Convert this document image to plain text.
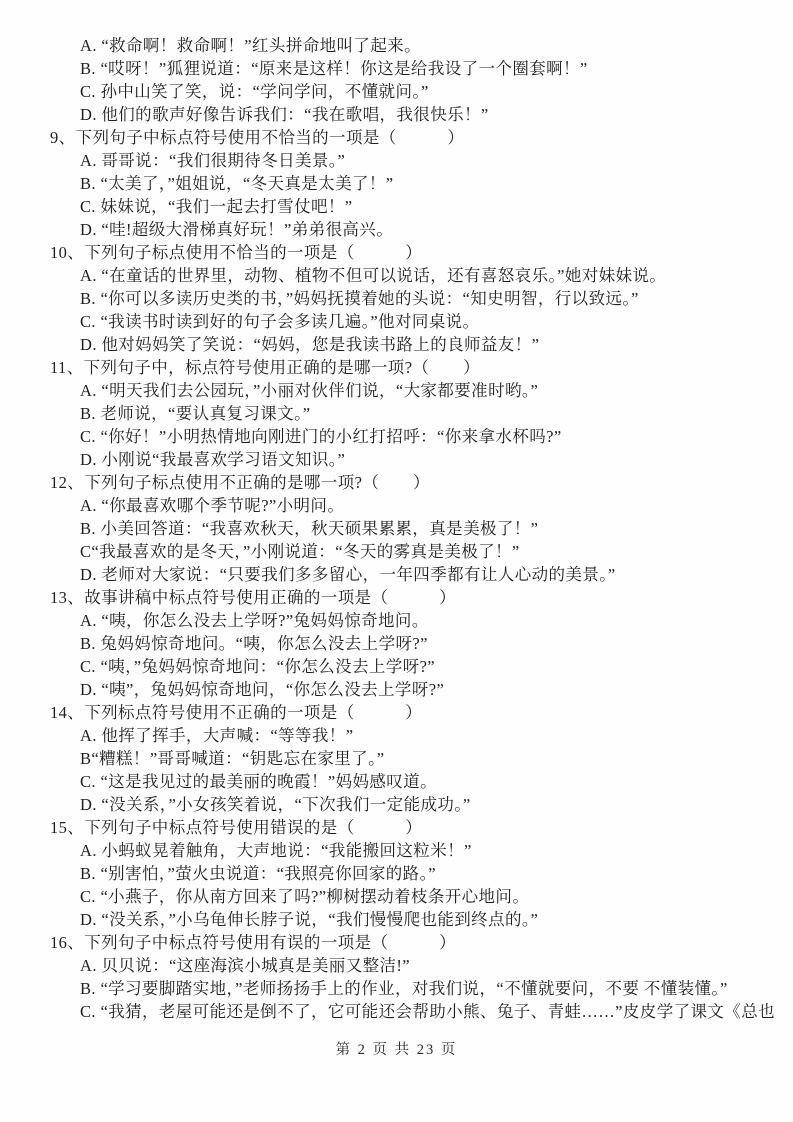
A. “救命啊！救命啊！”红头拼命地叫了起来。
B. “哎呀！”狐狸说道：“原来是这样！你这是给我设了一个圈套啊！”
C. 孙中山笑了笑，说：“学问学问，不懂就问。”
D. 他们的歌声好像告诉我们：“我在歌唱，我很快乐！”
9、下列句子中标点符号使用不恰当的一项是（　　　）
A. 哥哥说：“我们很期待冬日美景。”
B. “太美了，”姐姐说，“冬天真是太美了！”
C. 妹妹说，“我们一起去打雪仗吧！”
D. “哇!超级大滑梯真好玩！”弟弟很高兴。
10、下列句子标点使用不恰当的一项是（　　　）
A. “在童话的世界里，动物、植物不但可以说话，还有喜怒哀乐。”她对妹妹说。
B. “你可以多读历史类的书，”妈妈抚摸着她的头说：“知史明智，行以致远。”
C. “我读书时读到好的句子会多读几遍。”他对同桌说。
D. 他对妈妈笑了笑说：“妈妈，您是我读书路上的良师益友！”
11、下列句子中，标点符号使用正确的是哪一项?（　　）
A. “明天我们去公园玩，”小丽对伙伴们说，“大家都要准时哟。”
B. 老师说，“要认真复习课文。”
C. “你好！”小明热情地向刚进门的小红打招呼：“你来拿水杯吗?”
D. 小刚说“我最喜欢学习语文知识。”
12、下列句子标点使用不正确的是哪一项?（　　）
A. “你最喜欢哪个季节呢?”小明问。
B. 小美回答道：“我喜欢秋天，秋天硕果累累，真是美极了！”
C“我最喜欢的是冬天，”小刚说道：“冬天的雾真是美极了！”
D. 老师对大家说：“只要我们多多留心，一年四季都有让人心动的美景。”
13、故事讲稿中标点符号使用正确的一项是（　　　）
A. “咦，你怎么没去上学呀?”兔妈妈惊奇地问。
B. 兔妈妈惊奇地问。“咦，你怎么没去上学呀?”
C. “咦，”兔妈妈惊奇地问：“你怎么没去上学呀?”
D. “咦”，兔妈妈惊奇地问，“你怎么没去上学呀?”
14、下列标点符号使用不正确的一项是（　　　）
A. 他挥了挥手，大声喊：“等等我！”
B“糟糕！”哥哥喊道：“钥匙忘在家里了。”
C. “这是我见过的最美丽的晚霞！”妈妈感叹道。
D. “没关系，”小女孩笑着说，“下次我们一定能成功。”
15、下列句子中标点符号使用错误的是（　　　）
A. 小蚂蚁晃着触角，大声地说：“我能搬回这粒米！”
B. “别害怕，”萤火虫说道：“我照亮你回家的路。”
C. “小燕子，你从南方回来了吗?”柳树摆动着枝条开心地问。
D. “没关系，”小乌龟伸长脖子说，“我们慢慢爬也能到终点的。”
16、下列句子中标点符号使用有误的一项是（　　　）
A. 贝贝说：“这座海滨小城真是美丽又整洁!”
B. “学习要脚踏实地，”老师扬扬手上的作业，对我们说，“不懂就要问，不要 不懂装懂。”
C. “我猜，老屋可能还是倒不了，它可能还会帮助小熊、兔子、青蛙……”皮皮学了课文《总也
第 2 页 共 23 页
